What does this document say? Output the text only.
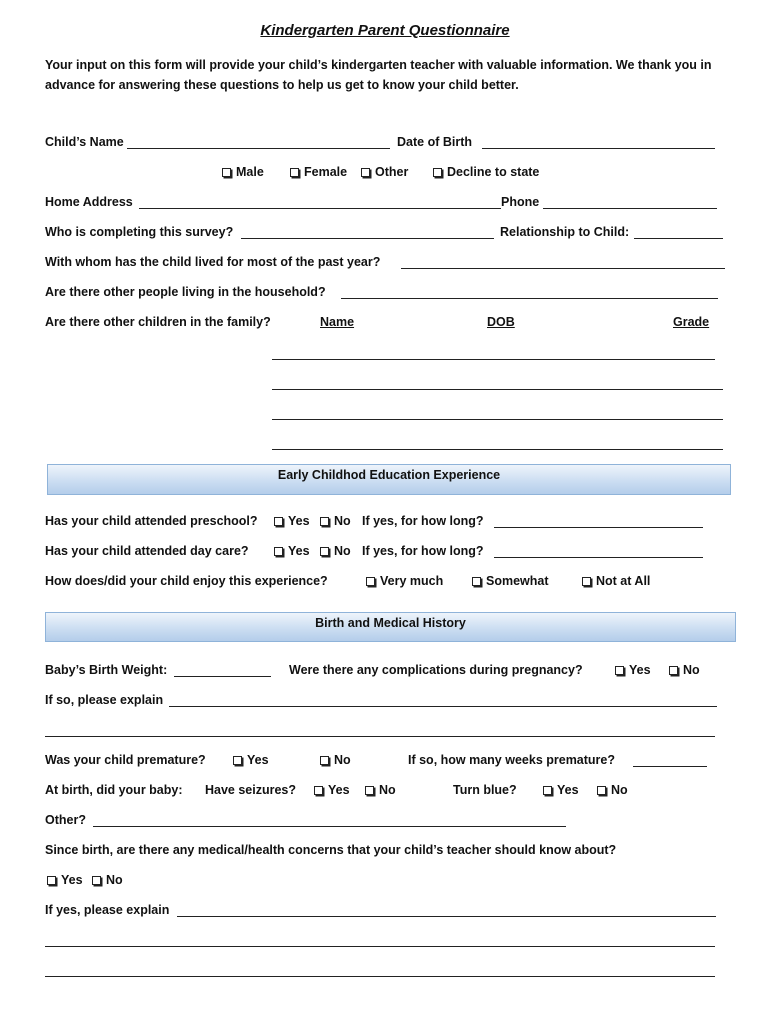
Kindergarten Parent Questionnaire
Your input on this form will provide your child’s kindergarten teacher with valuable information. We thank you in advance for answering these questions to help us get to know your child better.
Child’s Name	Date of Birth
Male	Female	Other	Decline to state
Home Address	Phone
Who is completing this survey?	Relationship to Child:
With whom has the child lived for most of the past year?
Are there other people living in the household?
Are there other children in the family?	Name	DOB	Grade
Early Childhod Education Experience
Has your child attended preschool?	Yes	No If yes, for how long?
Has your child attended day care?	Yes	No If yes, for how long?
How does/did your child enjoy this experience?	Very much	Somewhat	Not at All
Birth and Medical History
Baby’s Birth Weight:	Were there any complications during pregnancy?	Yes	No
If so, please explain
Was your child premature?	Yes	No	If so, how many weeks premature?
At birth, did your baby: Have seizures?	Yes	No	Turn blue?	Yes	No
Other?
Since birth, are there any medical/health concerns that your child’s teacher should know about?
Yes	No
If yes, please explain
